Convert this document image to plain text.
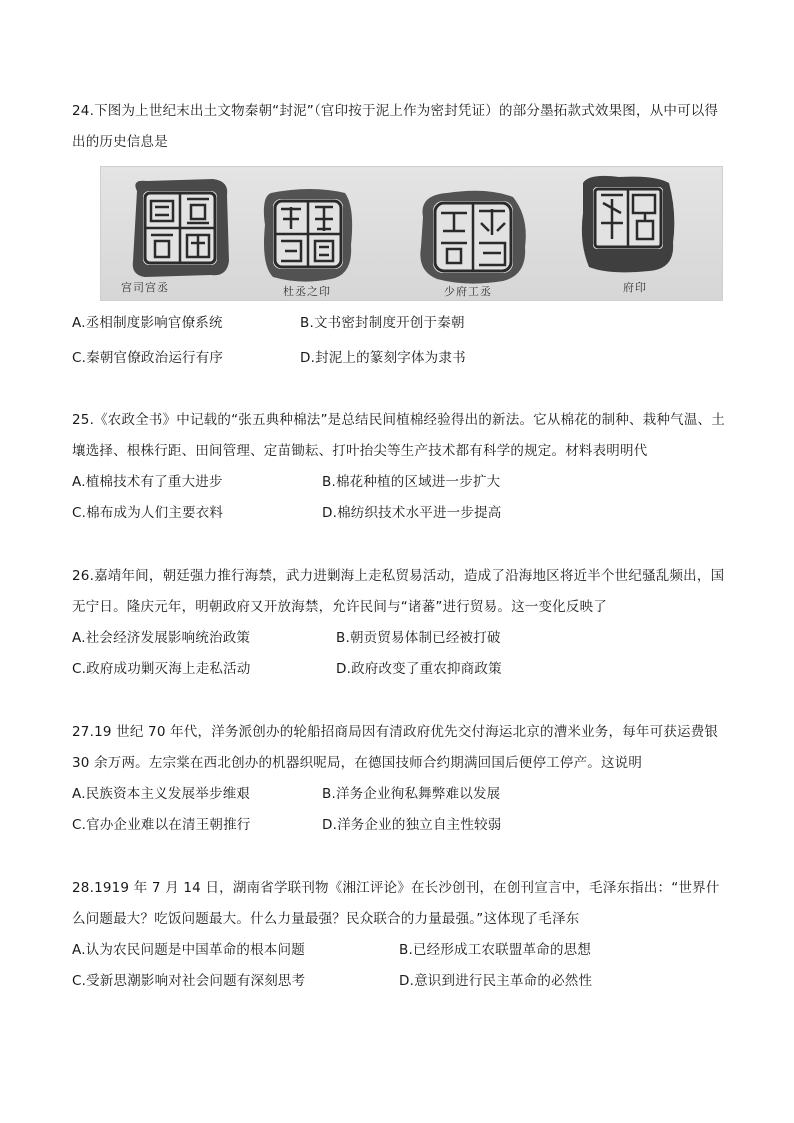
24.下图为上世纪末出土文物秦朝“封泥”（官印按于泥上作为密封凭证）的部分墨拓款式效果图，从中可以得出的历史信息是

宫司宫丞	杜丞之印	少府工丞	府印
A.丞相制度影响官僚系统	B.文书密封制度开创于秦朝
C.秦朝官僚政治运行有序	D.封泥上的篆刻字体为隶书

25.《农政全书》中记载的“张五典种棉法”是总结民间植棉经验得出的新法。它从棉花的制种、栽种气温、土壤选择、根株行距、田间管理、定苗锄耘、打叶抬尖等生产技术都有科学的规定。材料表明明代

A.植棉技术有了重大进步	B.棉花种植的区域进一步扩大
C.棉布成为人们主要衣料	D.棉纺织技术水平进一步提高

26.嘉靖年间，朝廷强力推行海禁，武力进剿海上走私贸易活动，造成了沿海地区将近半个世纪骚乱频出，国无宁日。隆庆元年，明朝政府又开放海禁，允许民间与“诸蕃”进行贸易。这一变化反映了

A.社会经济发展影响统治政策	B.朝贡贸易体制已经被打破
C.政府成功剿灭海上走私活动	D.政府改变了重农抑商政策

27.19 世纪 70 年代，洋务派创办的轮船招商局因有清政府优先交付海运北京的漕米业务，每年可获运费银 30 余万两。左宗棠在西北创办的机器织呢局，在德国技师合约期满回国后便停工停产。这说明

A.民族资本主义发展举步维艰	B.洋务企业徇私舞弊难以发展
C.官办企业难以在清王朝推行	D.洋务企业的独立自主性较弱

28.1919 年 7 月 14 日，湖南省学联刊物《湘江评论》在长沙创刊，在创刊宣言中，毛泽东指出：“世界什么问题最大？吃饭问题最大。什么力量最强？民众联合的力量最强。”这体现了毛泽东

A.认为农民问题是中国革命的根本问题	B.已经形成工农联盟革命的思想
C.受新思潮影响对社会问题有深刻思考	D.意识到进行民主革命的必然性
